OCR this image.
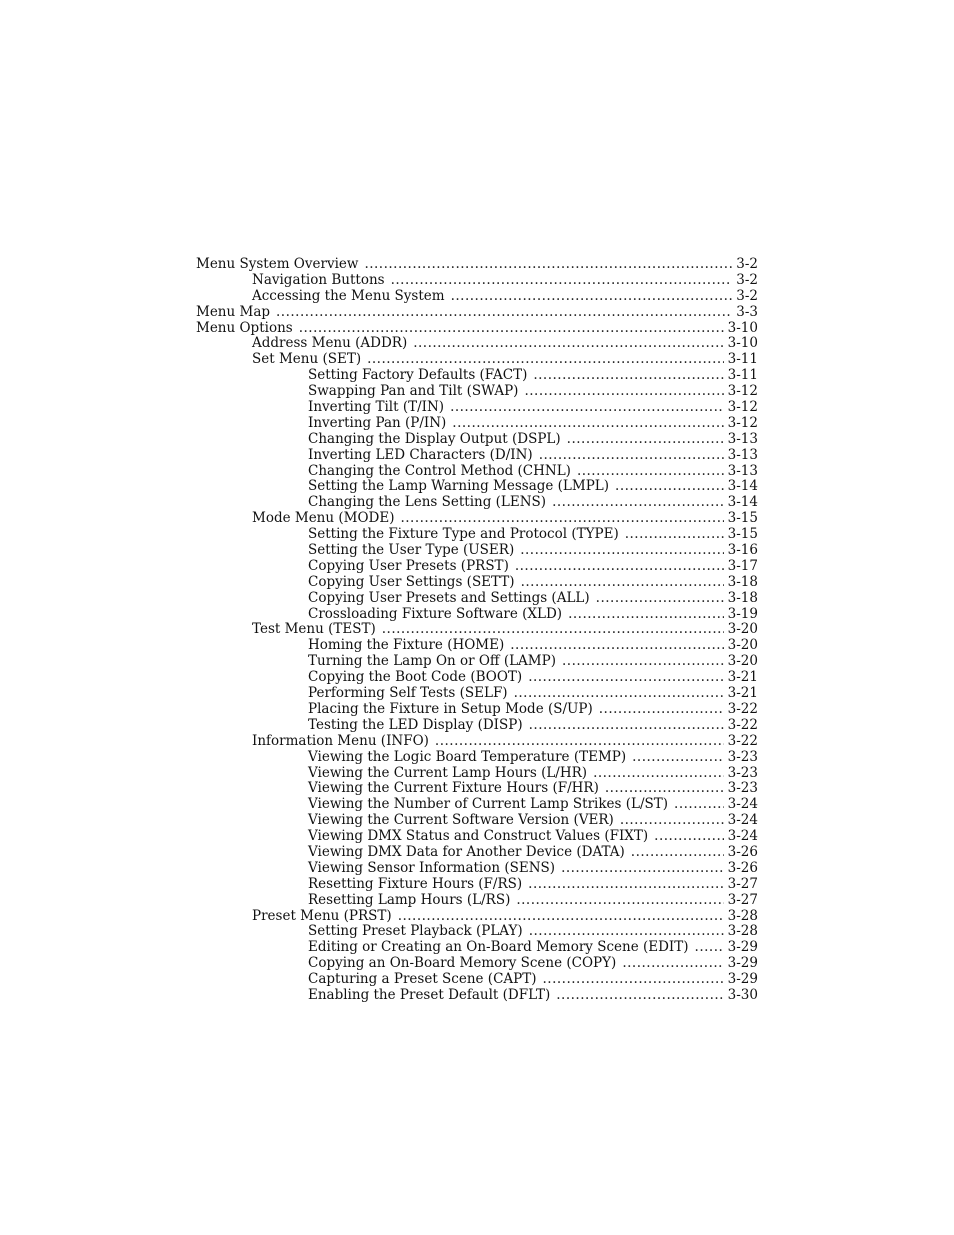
Menu System Overview .....	3-2
Navigation Buttons .....	3-2
Accessing the Menu System .....	3-2
Menu Map .....	3-3
Menu Options .....	3-10
Address Menu (ADDR) .....	3-10
Set Menu (SET) .....	3-11
Setting Factory Defaults (FACT) .....	3-11
Swapping Pan and Tilt (SWAP) .....	3-12
Inverting Tilt (T/IN) .....	3-12
Inverting Pan (P/IN) .....	3-12
Changing the Display Output (DSPL) .....	3-13
Inverting LED Characters (D/IN) .....	3-13
Changing the Control Method (CHNL) .....	3-13
Setting the Lamp Warning Message (LMPL) .....	3-14
Changing the Lens Setting (LENS) .....	3-14
Mode Menu (MODE) .....	3-15
Setting the Fixture Type and Protocol (TYPE) .....	3-15
Setting the User Type (USER) .....	3-16
Copying User Presets (PRST) .....	3-17
Copying User Settings (SETT) .....	3-18
Copying User Presets and Settings (ALL) .....	3-18
Crossloading Fixture Software (XLD) .....	3-19
Test Menu (TEST) .....	3-20
Homing the Fixture (HOME) .....	3-20
Turning the Lamp On or Off (LAMP) .....	3-20
Copying the Boot Code (BOOT) .....	3-21
Performing Self Tests (SELF) .....	3-21
Placing the Fixture in Setup Mode (S/UP) .....	3-22
Testing the LED Display (DISP) .....	3-22
Information Menu (INFO) .....	3-22
Viewing the Logic Board Temperature (TEMP) .....	3-23
Viewing the Current Lamp Hours (L/HR) .....	3-23
Viewing the Current Fixture Hours (F/HR) .....	3-23
Viewing the Number of Current Lamp Strikes (L/ST) .....	3-24
Viewing the Current Software Version (VER) .....	3-24
Viewing DMX Status and Construct Values (FIXT) .....	3-24
Viewing DMX Data for Another Device (DATA) .....	3-26
Viewing Sensor Information (SENS) .....	3-26
Resetting Fixture Hours (F/RS) .....	3-27
Resetting Lamp Hours (L/RS) .....	3-27
Preset Menu (PRST) .....	3-28
Setting Preset Playback (PLAY) .....	3-28
Editing or Creating an On-Board Memory Scene (EDIT) .....	3-29
Copying an On-Board Memory Scene (COPY) .....	3-29
Capturing a Preset Scene (CAPT) .....	3-29
Enabling the Preset Default (DFLT) .....	3-30
